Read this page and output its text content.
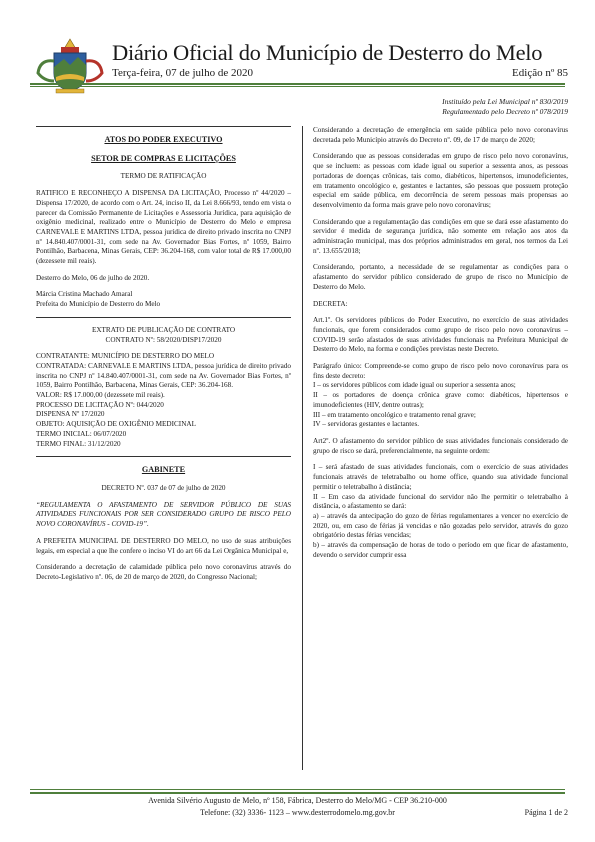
Diário Oficial do Município de Desterro do Melo
Terça-feira, 07 de julho de 2020	Edição nº 85
Instituído pela Lei Municipal nº 830/2019
Regulamentado pelo Decreto nº 078/2019
ATOS DO PODER EXECUTIVO
SETOR DE COMPRAS E LICITAÇÕES

TERMO DE RATIFICAÇÃO

RATIFICO E RECONHEÇO A DISPENSA DA LICITAÇÃO, Processo nº 44/2020 – Dispensa 17/2020, de acordo com o Art. 24, inciso II, da Lei 8.666/93, tendo em vista o parecer da Comissão Permanente de Licitações e Assessoria Jurídica, para aquisição de oxigênio medicinal, realizado entre o Município de Desterro do Melo e empresa CARNEVALE E MARTINS LTDA, pessoa jurídica de direito privado inscrita no CNPJ nº 14.840.407/0001-31, com sede na Av. Governador Bias Fortes, nº 1059, Bairro Pontilhão, Barbacena, Minas Gerais, CEP: 36.204-168, com valor total de R$ 17.000,00 (dezessete mil reais).

Desterro do Melo, 06 de julho de 2020.

Márcia Cristina Machado Amaral

Prefeita do Município de Desterro do Melo

EXTRATO DE PUBLICAÇÃO DE CONTRATO

CONTRATO Nº: 58/2020/DISP17/2020

CONTRATANTE: MUNICÍPIO DE DESTERRO DO MELO

CONTRATADA: CARNEVALE E MARTINS LTDA, pessoa jurídica de direito privado inscrita no CNPJ nº 14.840.407/0001-31, com sede na Av. Governador Bias Fortes, nº 1059, Bairro Pontilhão, Barbacena, Minas Gerais, CEP: 36.204-168.

VALOR: R$ 17.000,00 (dezessete mil reais).

PROCESSO DE LICITAÇÃO Nº: 044/2020

DISPENSA Nº 17/2020

OBJETO: AQUISIÇÃO DE OXIGÊNIO MEDICINAL

TERMO INICIAL: 06/07/2020

TERMO FINAL: 31/12/2020

GABINETE

DECRETO Nº. 037 de 07 de julho de 2020

“REGULAMENTA O AFASTAMENTO DE SERVIDOR PÚBLICO DE SUAS ATIVIDADES FUNCIONAIS POR SER CONSIDERADO GRUPO DE RISCO PELO NOVO CORONAVÍRUS - COVID-19”.

A PREFEITA MUNICIPAL DE DESTERRO DO MELO, no uso de suas atribuições legais, em especial a que lhe confere o inciso VI do art 66 da Lei Orgânica Municipal e,

Considerando a decretação de calamidade pública pelo novo coronavírus através do Decreto-Legislativo nº. 06, de 20 de março de 2020, do Congresso Nacional;

Considerando a decretação de emergência em saúde pública pelo novo coronavírus decretada pelo Município através do Decreto nº. 09, de 17 de março de 2020;

Considerando que as pessoas consideradas em grupo de risco pelo novo coronavírus, que se incluem: as pessoas com idade igual ou superior a sessenta anos, as pessoas portadoras de doenças crônicas, tais como, diabéticos, hipertensos, imunodeficientes, em tratamento oncológico e, gestantes e lactantes, são pessoas que possuem proteção especial em saúde pública, em decorrência de serem pessoas mais propensas ao desenvolvimento da forma mais grave pelo novo coronavírus;

Considerando que a regulamentação das condições em que se dará esse afastamento do servidor é medida de segurança jurídica, não somente em relação aos atos da administração municipal, mas dos próprios administrados em geral, nos termos da Lei nº. 13.655/2018;

Considerando, portanto, a necessidade de se regulamentar as condições para o afastamento do servidor público considerado de grupo de risco no Município de Desterro do Melo.

DECRETA:

Art.1º. Os servidores públicos do Poder Executivo, no exercício de suas atividades funcionais, que forem considerados como grupo de risco pelo novo coronavírus – COVID-19 serão afastados de suas atividades funcionais na Prefeitura Municipal de Desterro do Melo, na forma e condições previstas neste Decreto.

Parágrafo único: Compreende-se como grupo de risco pelo novo coronavírus para os fins deste decreto:

I – os servidores públicos com idade igual ou superior a sessenta anos;

II – os portadores de doença crônica grave como: diabéticos, hipertensos e imunodeficientes (HIV, dentre outras);

III – em tratamento oncológico e tratamento renal grave;

IV – servidoras gestantes e lactantes.

Art2º. O afastamento do servidor público de suas atividades funcionais considerado de grupo de risco se dará, preferencialmente, na seguinte ordem:

I – será afastado de suas atividades funcionais, com o exercício de suas atividades funcionais através de teletrabalho ou home office, quando sua atividade funcional permitir o teletrabalho à distância;

II – Em caso da atividade funcional do servidor não lhe permitir o teletrabalho à distância, o afastamento se dará:

a) – através da antecipação do gozo de férias regulamentares a vencer no exercício de 2020, ou, em caso de férias já vencidas e não gozadas pelo servidor, através do gozo obrigatório destas férias vencidas;

b) – através da compensação de horas de todo o período em que ficar de afastamento, devendo o servidor cumprir essa

Avenida Silvério Augusto de Melo, nº 158, Fábrica, Desterro do Melo/MG - CEP 36.210-000
Telefone: (32) 3336- 1123 – www.desterrodomelo.mg.gov.br	Página 1 de 2
